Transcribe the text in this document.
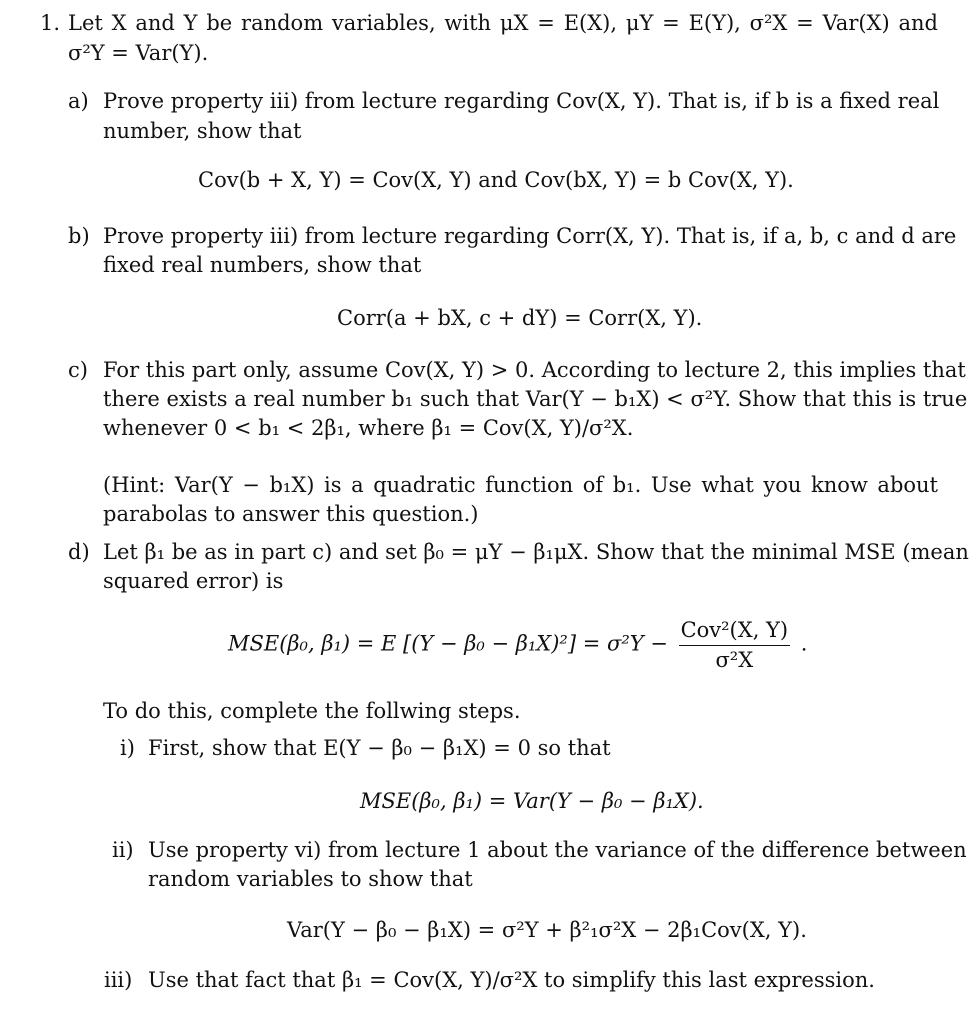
1. Let X and Y be random variables, with μX = E(X), μY = E(Y), σ²X = Var(X) and
σ²Y = Var(Y).
a) Prove property iii) from lecture regarding Cov(X, Y). That is, if b is a fixed real
number, show that
Cov(b + X, Y) = Cov(X, Y) and Cov(bX, Y) = b Cov(X, Y).
b) Prove property iii) from lecture regarding Corr(X, Y). That is, if a, b, c and d are
fixed real numbers, show that
Corr(a + bX, c + dY) = Corr(X, Y).
c) For this part only, assume Cov(X, Y) > 0. According to lecture 2, this implies that
there exists a real number b₁ such that Var(Y − b₁X) < σ²Y. Show that this is true
whenever 0 < b₁ < 2β₁, where β₁ = Cov(X, Y)/σ²X.
(Hint: Var(Y − b₁X) is a quadratic function of b₁. Use what you know about
parabolas to answer this question.)
d) Let β₁ be as in part c) and set β₀ = μY − β₁μX. Show that the minimal MSE (mean
squared error) is
MSE(β₀, β₁) = E $[(Y - \beta_0 - \beta_1X)^2] = \sigma^2Y - \frac{\text{Cov²(X, Y)}}{\text{σ²X}}$ .
To do this, complete the follwing steps.
i) First, show that E(Y − β₀ − β₁X) = 0 so that
MSE(β₀, β₁) = Var(Y − β₀ − β₁X).
ii) Use property vi) from lecture 1 about the variance of the difference between
random variables to show that
Var(Y − β₀ − β₁X) = σ²Y + β²₁σ²X − 2β₁Cov(X, Y).
iii) Use that fact that β₁ = Cov(X, Y)/σ²X to simplify this last expression.
